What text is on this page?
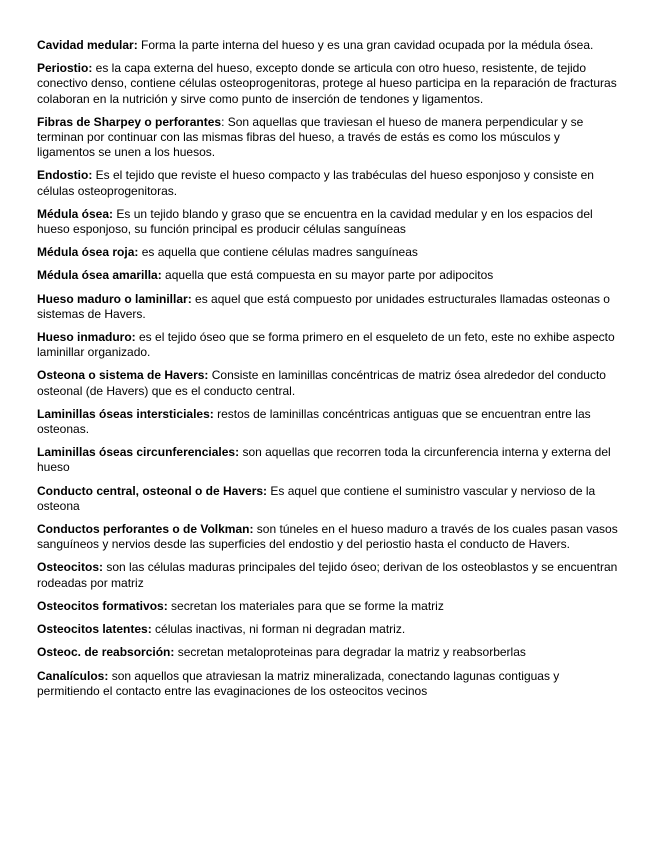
Cavidad medular: Forma la parte interna del hueso y es una gran cavidad ocupada por la médula ósea.

Periostio: es la capa externa del hueso, excepto donde se articula con otro hueso, resistente, de tejido conectivo denso, contiene células osteoprogenitoras, protege al hueso participa en la reparación de fracturas colaboran en la nutrición y sirve como punto de inserción de tendones y ligamentos.

Fibras de Sharpey o perforantes: Son aquellas que traviesan el hueso de manera perpendicular y se terminan por continuar con las mismas fibras del hueso, a través de estás es como los músculos y ligamentos se unen a los huesos.

Endostio: Es el tejido que reviste el hueso compacto y las trabéculas del hueso esponjoso y consiste en células osteoprogenitoras.

Médula ósea: Es un tejido blando y graso que se encuentra en la cavidad medular y en los espacios del hueso esponjoso, su función principal es producir células sanguíneas

Médula ósea roja: es aquella que contiene células madres sanguíneas

Médula ósea amarilla: aquella que está compuesta en su mayor parte por adipocitos

Hueso maduro o laminillar: es aquel que está compuesto por unidades estructurales llamadas osteonas o sistemas de Havers.

Hueso inmaduro: es el tejido óseo que se forma primero en el esqueleto de un feto, este no exhibe aspecto laminillar organizado.

Osteona o sistema de Havers: Consiste en laminillas concéntricas de matriz ósea alrededor del conducto osteonal (de Havers) que es el conducto central.

Laminillas óseas intersticiales: restos de laminillas concéntricas antiguas que se encuentran entre las osteonas.

Laminillas óseas circunferenciales: son aquellas que recorren toda la circunferencia interna y externa del hueso

Conducto central, osteonal o de Havers: Es aquel que contiene el suministro vascular y nervioso de la osteona

Conductos perforantes o de Volkman: son túneles en el hueso maduro a través de los cuales pasan vasos sanguíneos y nervios desde las superficies del endostio y del periostio hasta el conducto de Havers.

Osteocitos: son las células maduras principales del tejido óseo; derivan de los osteoblastos y se encuentran rodeadas por matriz

Osteocitos formativos: secretan los materiales para que se forme la matriz

Osteocitos latentes: células inactivas, ni forman ni degradan matriz.

Osteoc. de reabsorción: secretan metaloproteinas para degradar la matriz y reabsorberlas

Canalículos: son aquellos que atraviesan la matriz mineralizada, conectando lagunas contiguas y permitiendo el contacto entre las evaginaciones de los osteocitos vecinos
